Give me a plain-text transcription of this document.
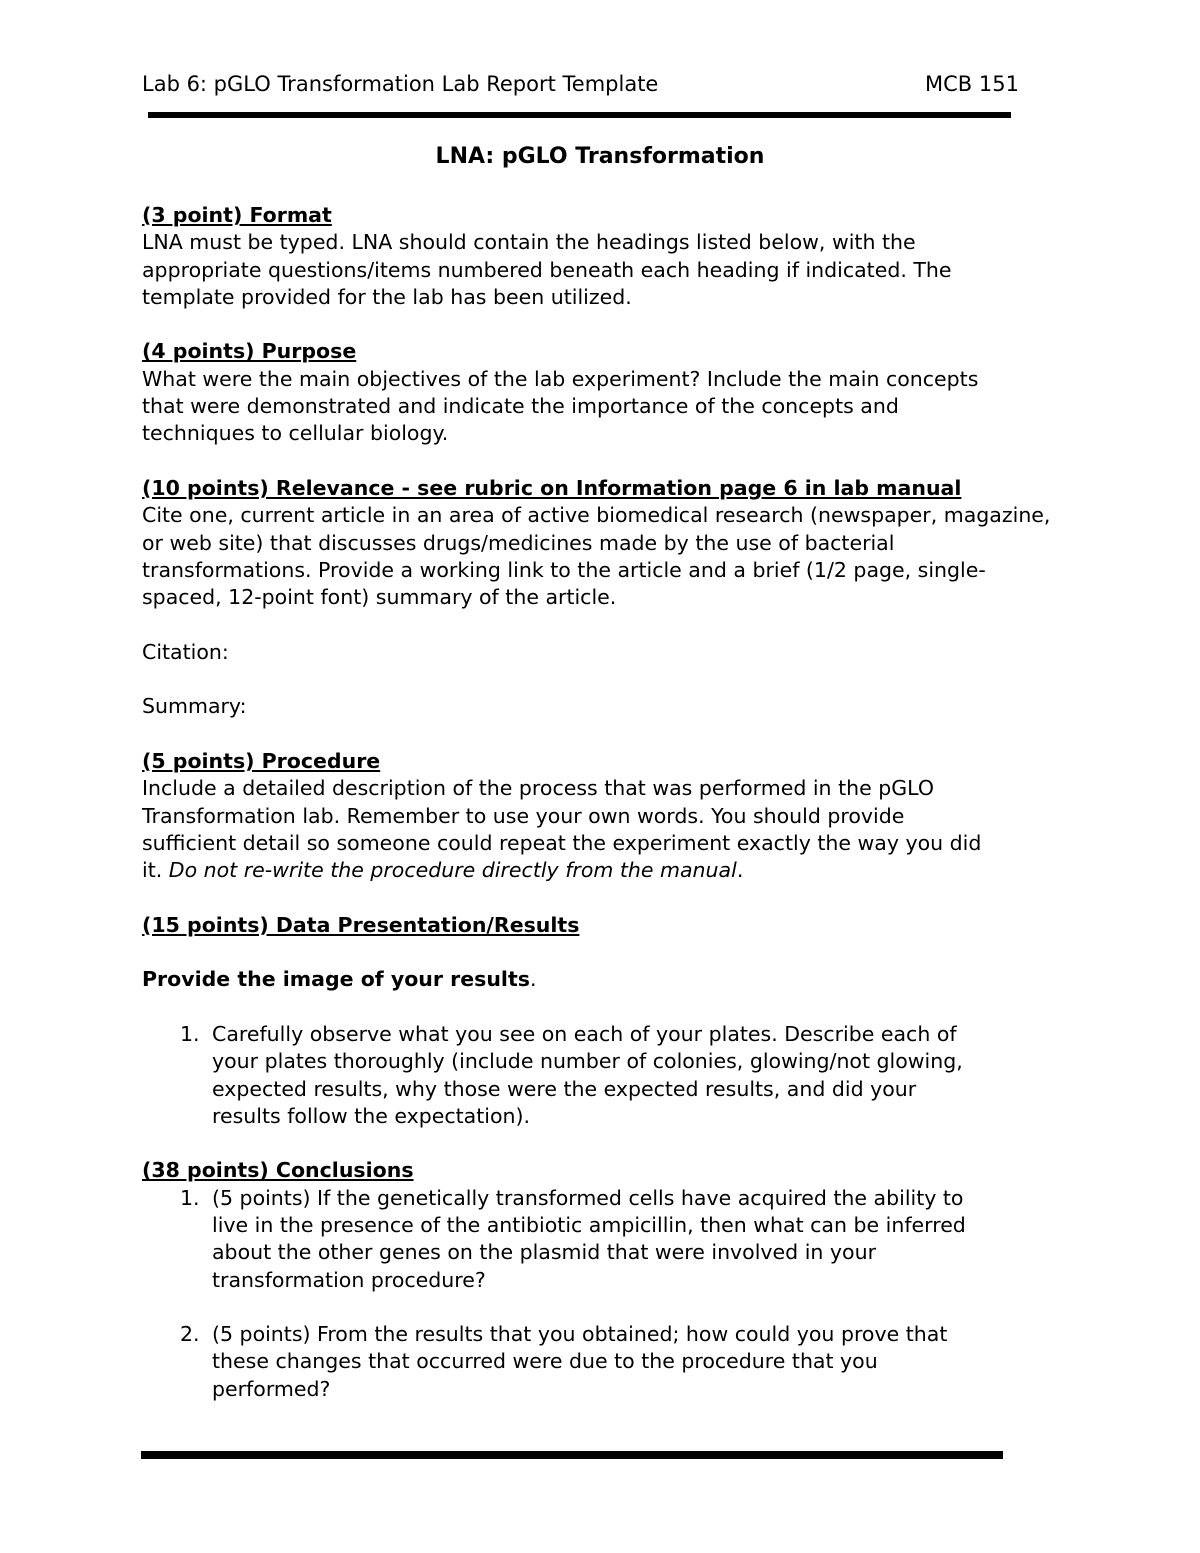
Lab 6: pGLO Transformation Lab Report Template	MCB 151
LNA: pGLO Transformation

(3 point) Format

LNA must be typed. LNA should contain the headings listed below, with the

appropriate questions/items numbered beneath each heading if indicated. The

template provided for the lab has been utilized.

(4 points) Purpose

What were the main objectives of the lab experiment? Include the main concepts

that were demonstrated and indicate the importance of the concepts and

techniques to cellular biology.

(10 points) Relevance - see rubric on Information page 6 in lab manual

Cite one, current article in an area of active biomedical research (newspaper, magazine,

or web site) that discusses drugs/medicines made by the use of bacterial

transformations. Provide a working link to the article and a brief (1/2 page, single-

spaced, 12-point font) summary of the article.

Citation:

Summary:

(5 points) Procedure

Include a detailed description of the process that was performed in the pGLO

Transformation lab. Remember to use your own words. You should provide

sufficient detail so someone could repeat the experiment exactly the way you did

it. Do not re-write the procedure directly from the manual.

(15 points) Data Presentation/Results

Provide the image of your results.

1. Carefully observe what you see on each of your plates. Describe each of

your plates thoroughly (include number of colonies, glowing/not glowing,

expected results, why those were the expected results, and did your

results follow the expectation).

(38 points) Conclusions

1. (5 points) If the genetically transformed cells have acquired the ability to

live in the presence of the antibiotic ampicillin, then what can be inferred

about the other genes on the plasmid that were involved in your

transformation procedure?

2. (5 points) From the results that you obtained; how could you prove that

these changes that occurred were due to the procedure that you

performed?
